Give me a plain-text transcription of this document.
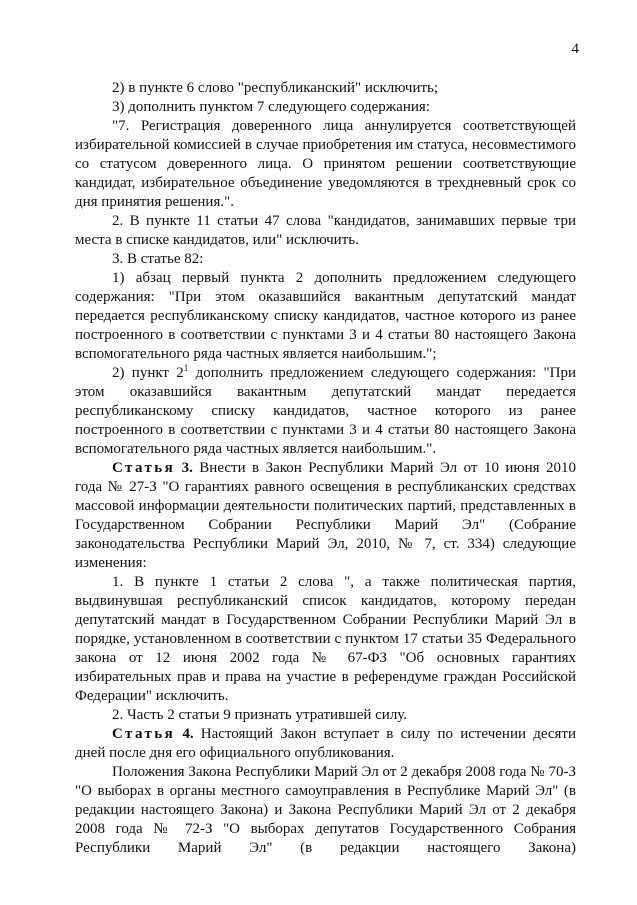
4

2) в пункте 6 слово "республиканский" исключить;

3) дополнить пунктом 7 следующего содержания:

"7. Регистрация доверенного лица аннулируется соответствующей избирательной комиссией в случае приобретения им статуса, несовместимого со статусом доверенного лица. О принятом решении соответствующие кандидат, избирательное объединение уведомляются в трехдневный срок со дня принятия решения.".

2. В пункте 11 статьи 47 слова "кандидатов, занимавших первые три места в списке кандидатов, или" исключить.

3. В статье 82:

1) абзац первый пункта 2 дополнить предложением следующего содержания: "При этом оказавшийся вакантным депутатский мандат передается республиканскому списку кандидатов, частное которого из ранее построенного в соответствии с пунктами 3 и 4 статьи 80 настоящего Закона вспомогательного ряда частных является наибольшим.";

2) пункт $2^1$ дополнить предложением следующего содержания: "При этом оказавшийся вакантным депутатский мандат передается республиканскому списку кандидатов, частное которого из ранее построенного в соответствии с пунктами 3 и 4 статьи 80 настоящего Закона вспомогательного ряда частных является наибольшим.".

Статья 3. Внести в Закон Республики Марий Эл от 10 июня 2010 года № 27-З "О гарантиях равного освещения в республиканских средствах массовой информации деятельности политических партий, представленных в Государственном Собрании Республики Марий Эл" (Собрание законодательства Республики Марий Эл, 2010, № 7, ст. 334) следующие изменения:

1. В пункте 1 статьи 2 слова ", а также политическая партия, выдвинувшая республиканский список кандидатов, которому передан депутатский мандат в Государственном Собрании Республики Марий Эл в порядке, установленном в соответствии с пунктом 17 статьи 35 Федерального закона от 12 июня 2002 года № 67-ФЗ "Об основных гарантиях избирательных прав и права на участие в референдуме граждан Российской Федерации" исключить.

2. Часть 2 статьи 9 признать утратившей силу.

Статья 4. Настоящий Закон вступает в силу по истечении десяти дней после дня его официального опубликования.

Положения Закона Республики Марий Эл от 2 декабря 2008 года № 70-З "О выборах в органы местного самоуправления в Республике Марий Эл" (в редакции настоящего Закона) и Закона Республики Марий Эл от 2 декабря 2008 года № 72-З "О выборах депутатов Государственного Собрания Республики Марий Эл" (в редакции настоящего Закона)
